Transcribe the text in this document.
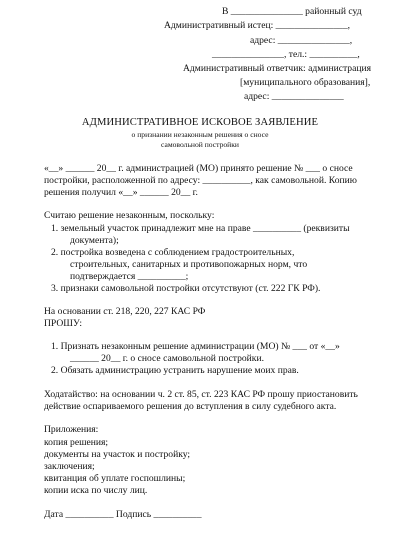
В _______________ районный суд
Административный истец: _______________,
адрес: _______________,
_______________, тел.: __________,
Административный ответчик: администрация
[муниципального образования],
адрес: _______________
АДМИНИСТРАТИВНОЕ ИСКОВОЕ ЗАЯВЛЕНИЕ
о признании незаконным решения о сносе
самовольной постройки
«__» ______ 20__ г. администрацией (МО) принято решение № ___ о сносе
постройки, расположенной по адресу: __________, как самовольной. Копию
решения получил «__» ______ 20__ г.
Считаю решение незаконным, поскольку:
1. земельный участок принадлежит мне на праве __________ (реквизиты
документа);
2. постройка возведена с соблюдением градостроительных,
строительных, санитарных и противопожарных норм, что
подтверждается __________;
3. признаки самовольной постройки отсутствуют (ст. 222 ГК РФ).
На основании ст. 218, 220, 227 КАС РФ
ПРОШУ:
1. Признать незаконным решение администрации (МО) № ___ от «__»
______ 20__ г. о сносе самовольной постройки.
2. Обязать администрацию устранить нарушение моих прав.
Ходатайство: на основании ч. 2 ст. 85, ст. 223 КАС РФ прошу приостановить
действие оспариваемого решения до вступления в силу судебного акта.
Приложения:
копия решения;
документы на участок и постройку;
заключения;
квитанция об уплате госпошлины;
копии иска по числу лиц.
Дата __________ Подпись __________
